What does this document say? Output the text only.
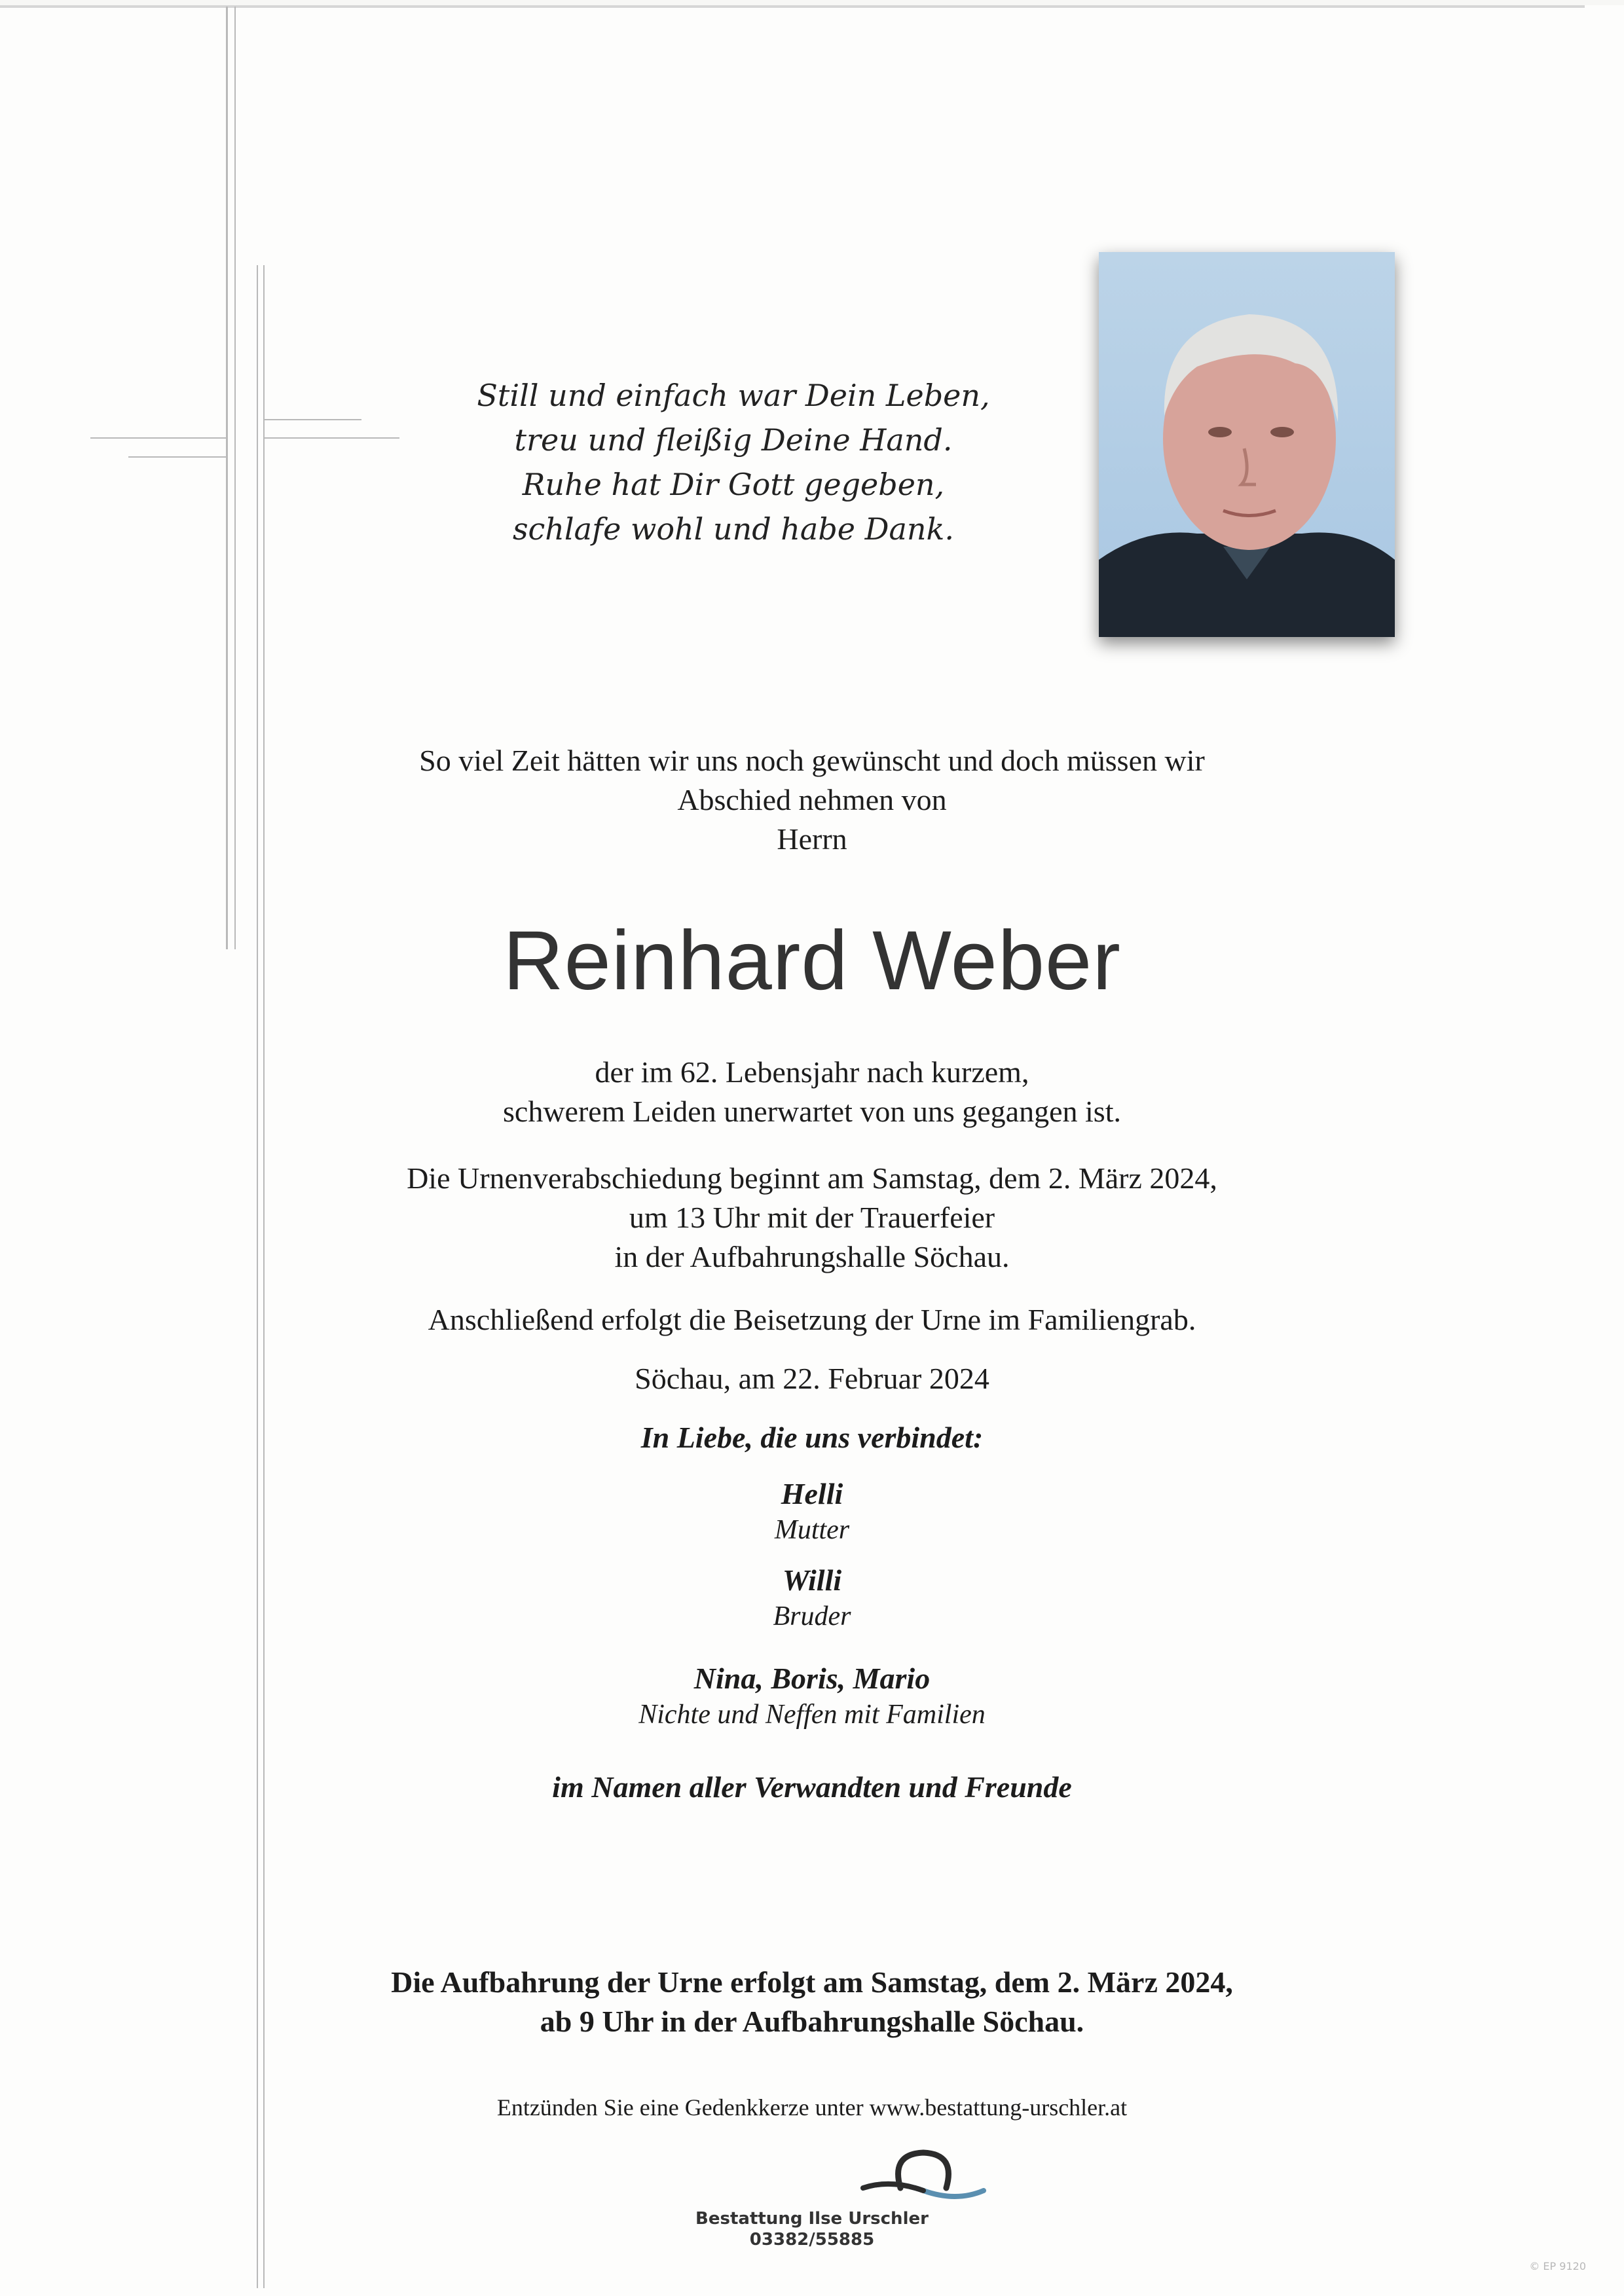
Still und einfach war Dein Leben,
treu und fleißig Deine Hand.
Ruhe hat Dir Gott gegeben,
schlafe wohl und habe Dank.
So viel Zeit hätten wir uns noch gewünscht und doch müssen wir
Abschied nehmen von
Herrn
Reinhard Weber
der im 62. Lebensjahr nach kurzem,
schwerem Leiden unerwartet von uns gegangen ist.
Die Urnenverabschiedung beginnt am Samstag, dem 2. März 2024,
um 13 Uhr mit der Trauerfeier
in der Aufbahrungshalle Söchau.
Anschließend erfolgt die Beisetzung der Urne im Familiengrab.
Söchau, am 22. Februar 2024
In Liebe, die uns verbindet:
Helli
Mutter
Willi
Bruder
Nina, Boris, Mario
Nichte und Neffen mit Familien
im Namen aller Verwandten und Freunde
Die Aufbahrung der Urne erfolgt am Samstag, dem 2. März 2024,
ab 9 Uhr in der Aufbahrungshalle Söchau.
Entzünden Sie eine Gedenkkerze unter www.bestattung-urschler.at
Bestattung Ilse Urschler
03382/55885
© EP 9120
